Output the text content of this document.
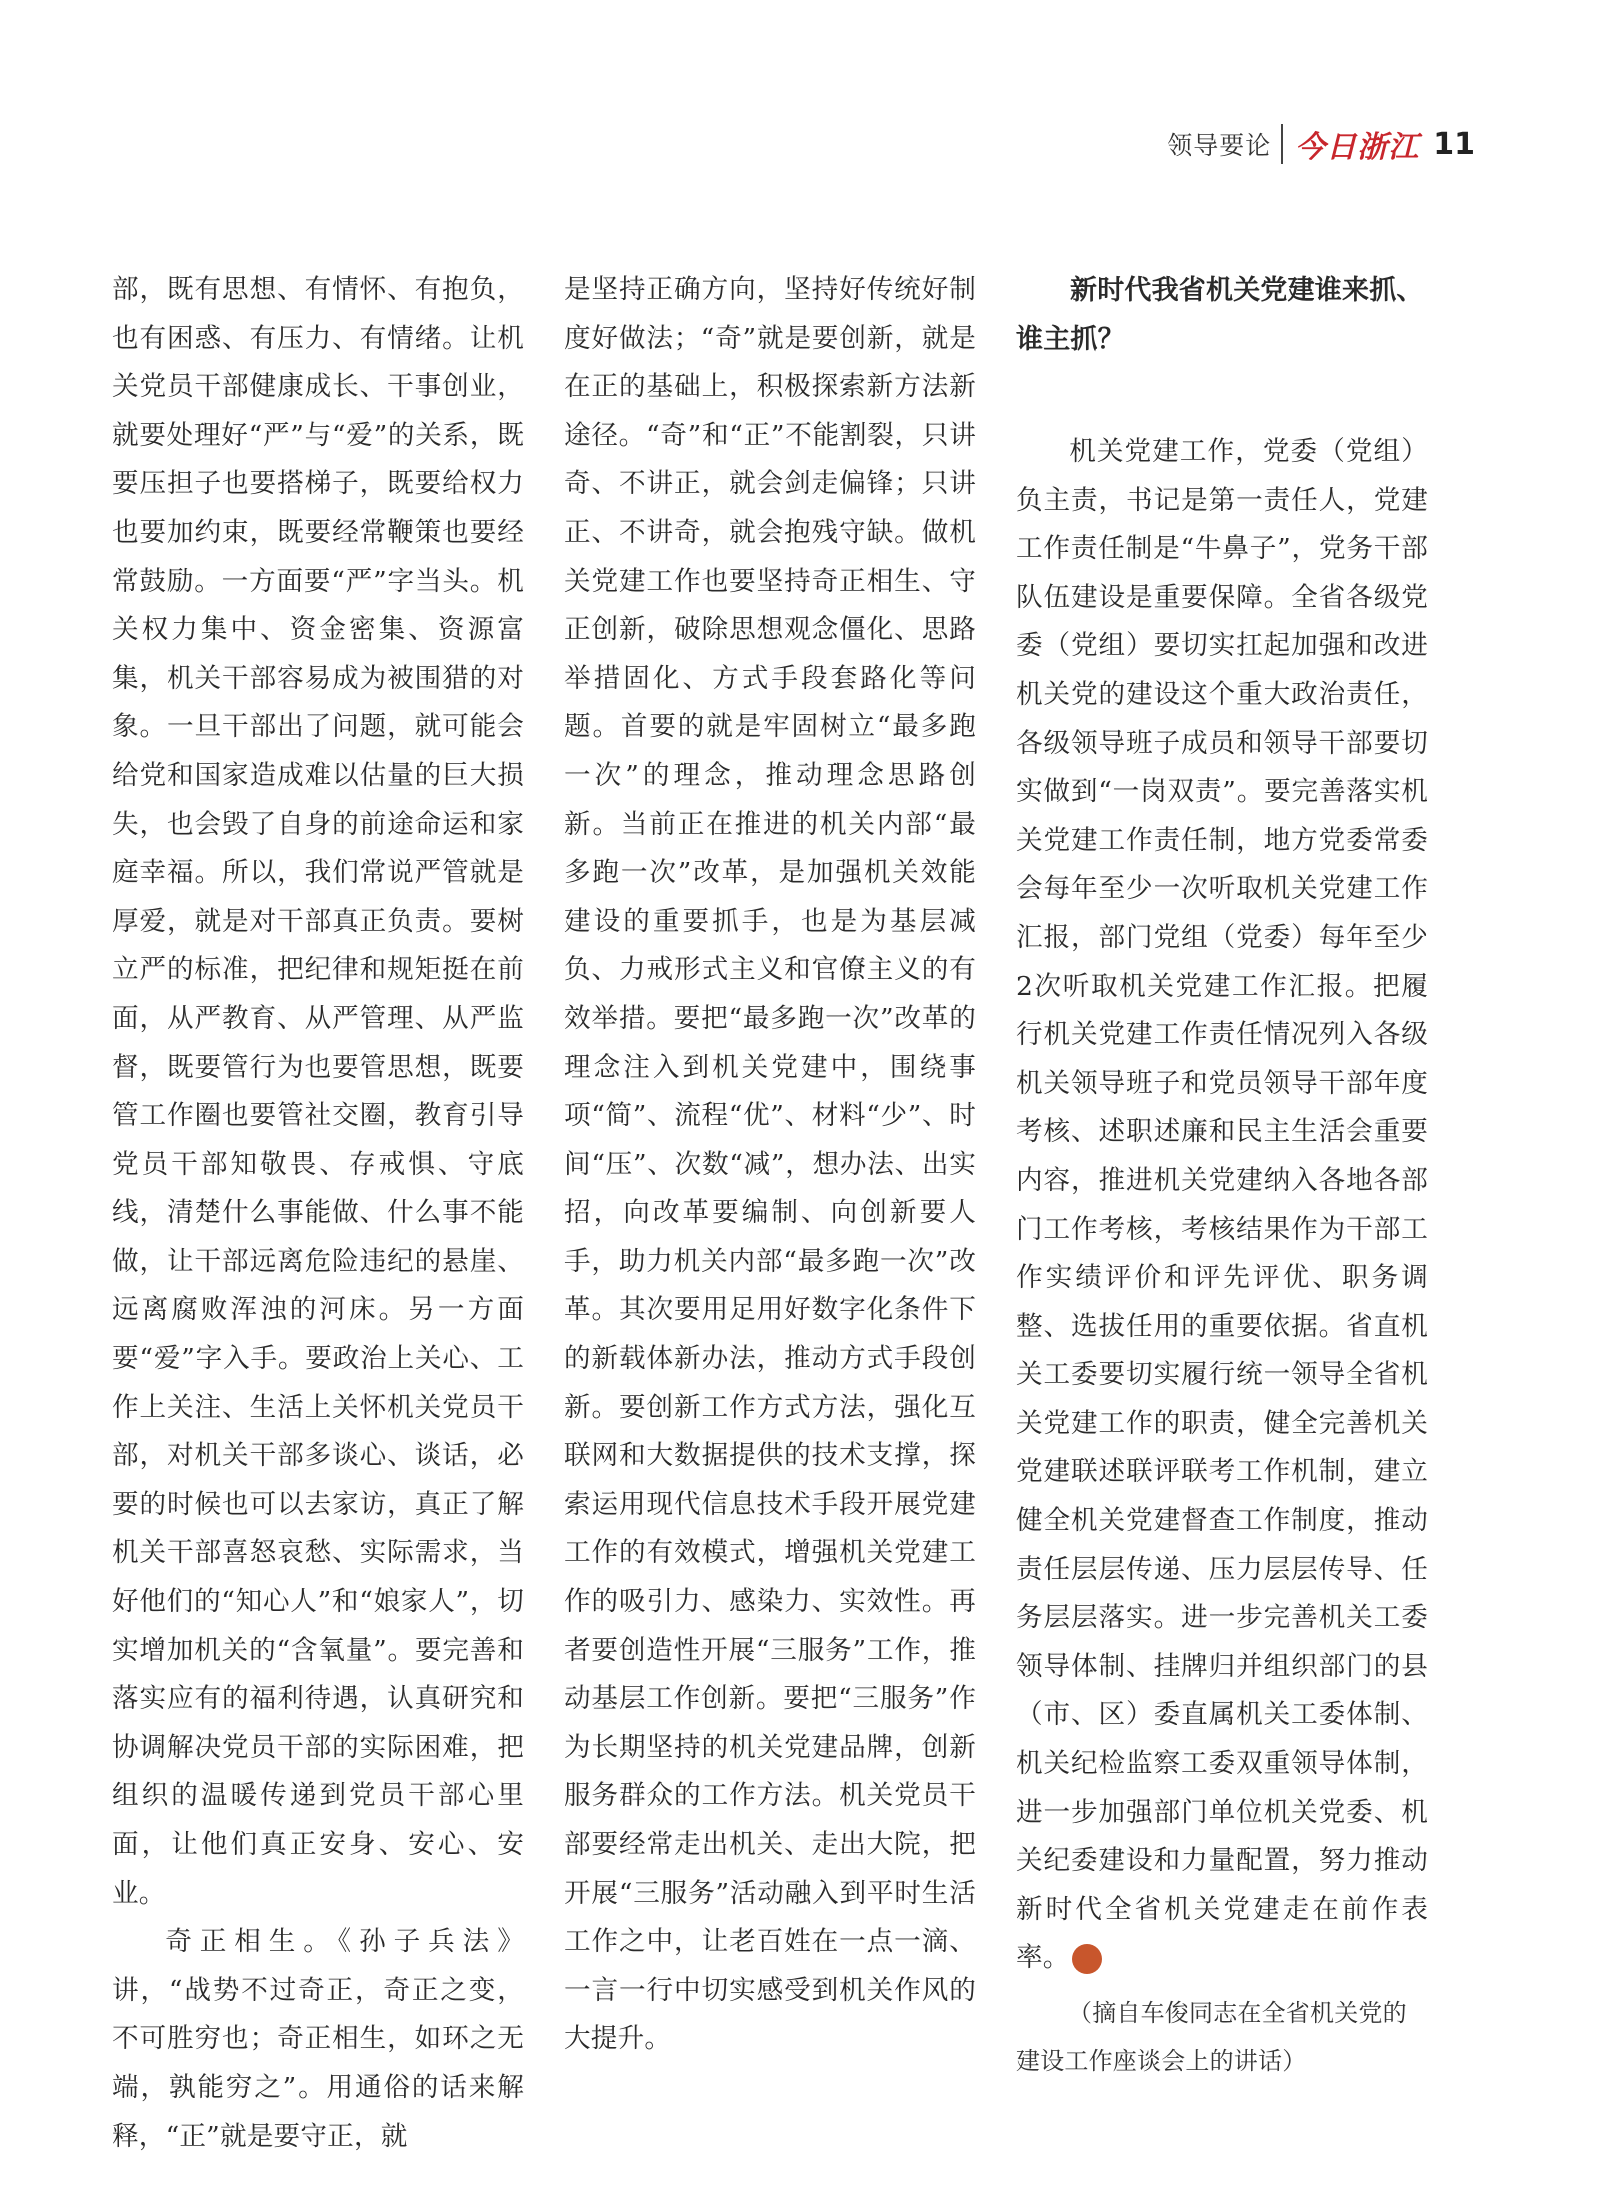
领导要论 今日浙江 11

部，既有思想、有情怀、有抱负，也有困惑、有压力、有情绪。让机关党员干部健康成长、干事创业，就要处理好“严”与“爱”的关系，既要压担子也要搭梯子，既要给权力也要加约束，既要经常鞭策也要经常鼓励。一方面要“严”字当头。机关权力集中、资金密集、资源富集，机关干部容易成为被围猎的对象。一旦干部出了问题，就可能会给党和国家造成难以估量的巨大损失，也会毁了自身的前途命运和家庭幸福。所以，我们常说严管就是厚爱，就是对干部真正负责。要树立严的标准，把纪律和规矩挺在前面，从严教育、从严管理、从严监督，既要管行为也要管思想，既要管工作圈也要管社交圈，教育引导党员干部知敬畏、存戒惧、守底线，清楚什么事能做、什么事不能做，让干部远离危险违纪的悬崖、远离腐败浑浊的河床。另一方面要“爱”字入手。要政治上关心、工作上关注、生活上关怀机关党员干部，对机关干部多谈心、谈话，必要的时候也可以去家访，真正了解机关干部喜怒哀愁、实际需求，当好他们的“知心人”和“娘家人”，切实增加机关的“含氧量”。要完善和落实应有的福利待遇，认真研究和协调解决党员干部的实际困难，把组织的温暖传递到党员干部心里面，让他们真正安身、安心、安业。

奇正相生。《孙子兵法》讲，“战势不过奇正，奇正之变，不可胜穷也；奇正相生，如环之无端，孰能穷之”。用通俗的话来解释，“正”就是要守正，就

是坚持正确方向，坚持好传统好制度好做法；“奇”就是要创新，就是在正的基础上，积极探索新方法新途径。“奇”和“正”不能割裂，只讲奇、不讲正，就会剑走偏锋；只讲正、不讲奇，就会抱残守缺。做机关党建工作也要坚持奇正相生、守正创新，破除思想观念僵化、思路举措固化、方式手段套路化等问题。首要的就是牢固树立“最多跑一次”的理念，推动理念思路创新。当前正在推进的机关内部“最多跑一次”改革，是加强机关效能建设的重要抓手，也是为基层减负、力戒形式主义和官僚主义的有效举措。要把“最多跑一次”改革的理念注入到机关党建中，围绕事项“简”、流程“优”、材料“少”、时间“压”、次数“减”，想办法、出实招，向改革要编制、向创新要人手，助力机关内部“最多跑一次”改革。其次要用足用好数字化条件下的新载体新办法，推动方式手段创新。要创新工作方式方法，强化互联网和大数据提供的技术支撑，探索运用现代信息技术手段开展党建工作的有效模式，增强机关党建工作的吸引力、感染力、实效性。再者要创造性开展“三服务”工作，推动基层工作创新。要把“三服务”作为长期坚持的机关党建品牌，创新服务群众的工作方法。机关党员干部要经常走出机关、走出大院，把开展“三服务”活动融入到平时生活工作之中，让老百姓在一点一滴、一言一行中切实感受到机关作风的大提升。

新时代我省机关党建谁来抓、
谁主抓？

机关党建工作，党委（党组）负主责，书记是第一责任人，党建工作责任制是“牛鼻子”，党务干部队伍建设是重要保障。全省各级党委（党组）要切实扛起加强和改进机关党的建设这个重大政治责任，各级领导班子成员和领导干部要切实做到“一岗双责”。要完善落实机关党建工作责任制，地方党委常委会每年至少一次听取机关党建工作汇报，部门党组（党委）每年至少2次听取机关党建工作汇报。把履行机关党建工作责任情况列入各级机关领导班子和党员领导干部年度考核、述职述廉和民主生活会重要内容，推进机关党建纳入各地各部门工作考核，考核结果作为干部工作实绩评价和评先评优、职务调整、选拔任用的重要依据。省直机关工委要切实履行统一领导全省机关党建工作的职责，健全完善机关党建联述联评联考工作机制，建立健全机关党建督查工作制度，推动责任层层传递、压力层层传导、任务层层落实。进一步完善机关工委领导体制、挂牌归并组织部门的县（市、区）委直属机关工委体制、机关纪检监察工委双重领导体制，进一步加强部门单位机关党委、机关纪委建设和力量配置，努力推动新时代全省机关党建走在前作表率。	今

（摘自车俊同志在全省机关党的
建设工作座谈会上的讲话）
